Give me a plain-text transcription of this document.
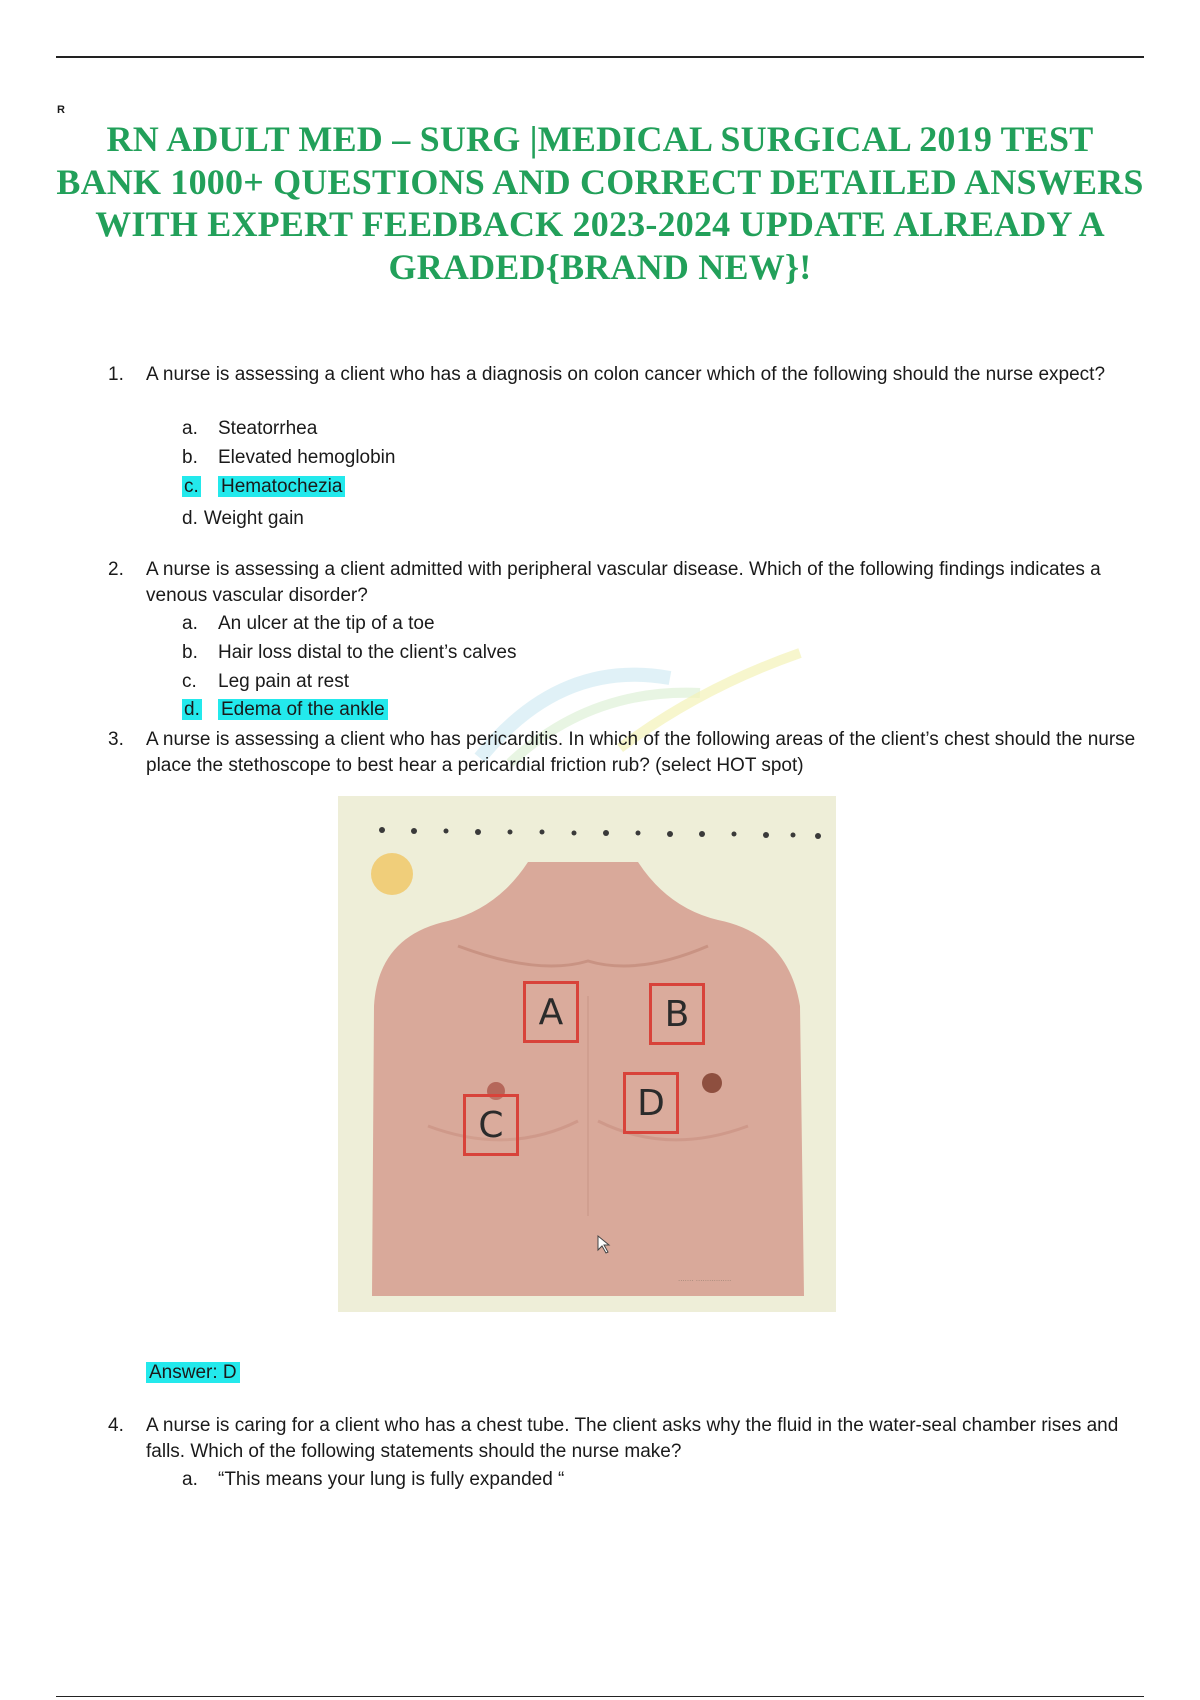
R
RN ADULT MED – SURG |MEDICAL SURGICAL 2019 TEST BANK 1000+ QUESTIONS AND CORRECT DETAILED ANSWERS WITH EXPERT FEEDBACK 2023-2024 UPDATE ALREADY A GRADED{BRAND NEW}!
1.	A nurse is assessing a client who has a diagnosis on colon cancer which of the following should the nurse expect?
a. Steatorrhea
b. Elevated hemoglobin
c. Hematochezia
d. Weight gain
2.	A nurse is assessing a client admitted with peripheral vascular disease. Which of the following findings indicates a venous vascular disorder?
a. An ulcer at the tip of a toe
b. Hair loss distal to the client’s calves
c. Leg pain at rest
d. Edema of the ankle
3.	A nurse is assessing a client who has pericarditis. In which of the following areas of the client’s chest should the nurse place the stethoscope to best hear a pericardial friction rub? (select HOT spot)
....... ................
A	B
C
D
Answer: D
4.	A nurse is caring for a client who has a chest tube. The client asks why the fluid in the water-seal chamber rises and falls. Which of the following statements should the nurse make?
a. “This means your lung is fully expanded “
